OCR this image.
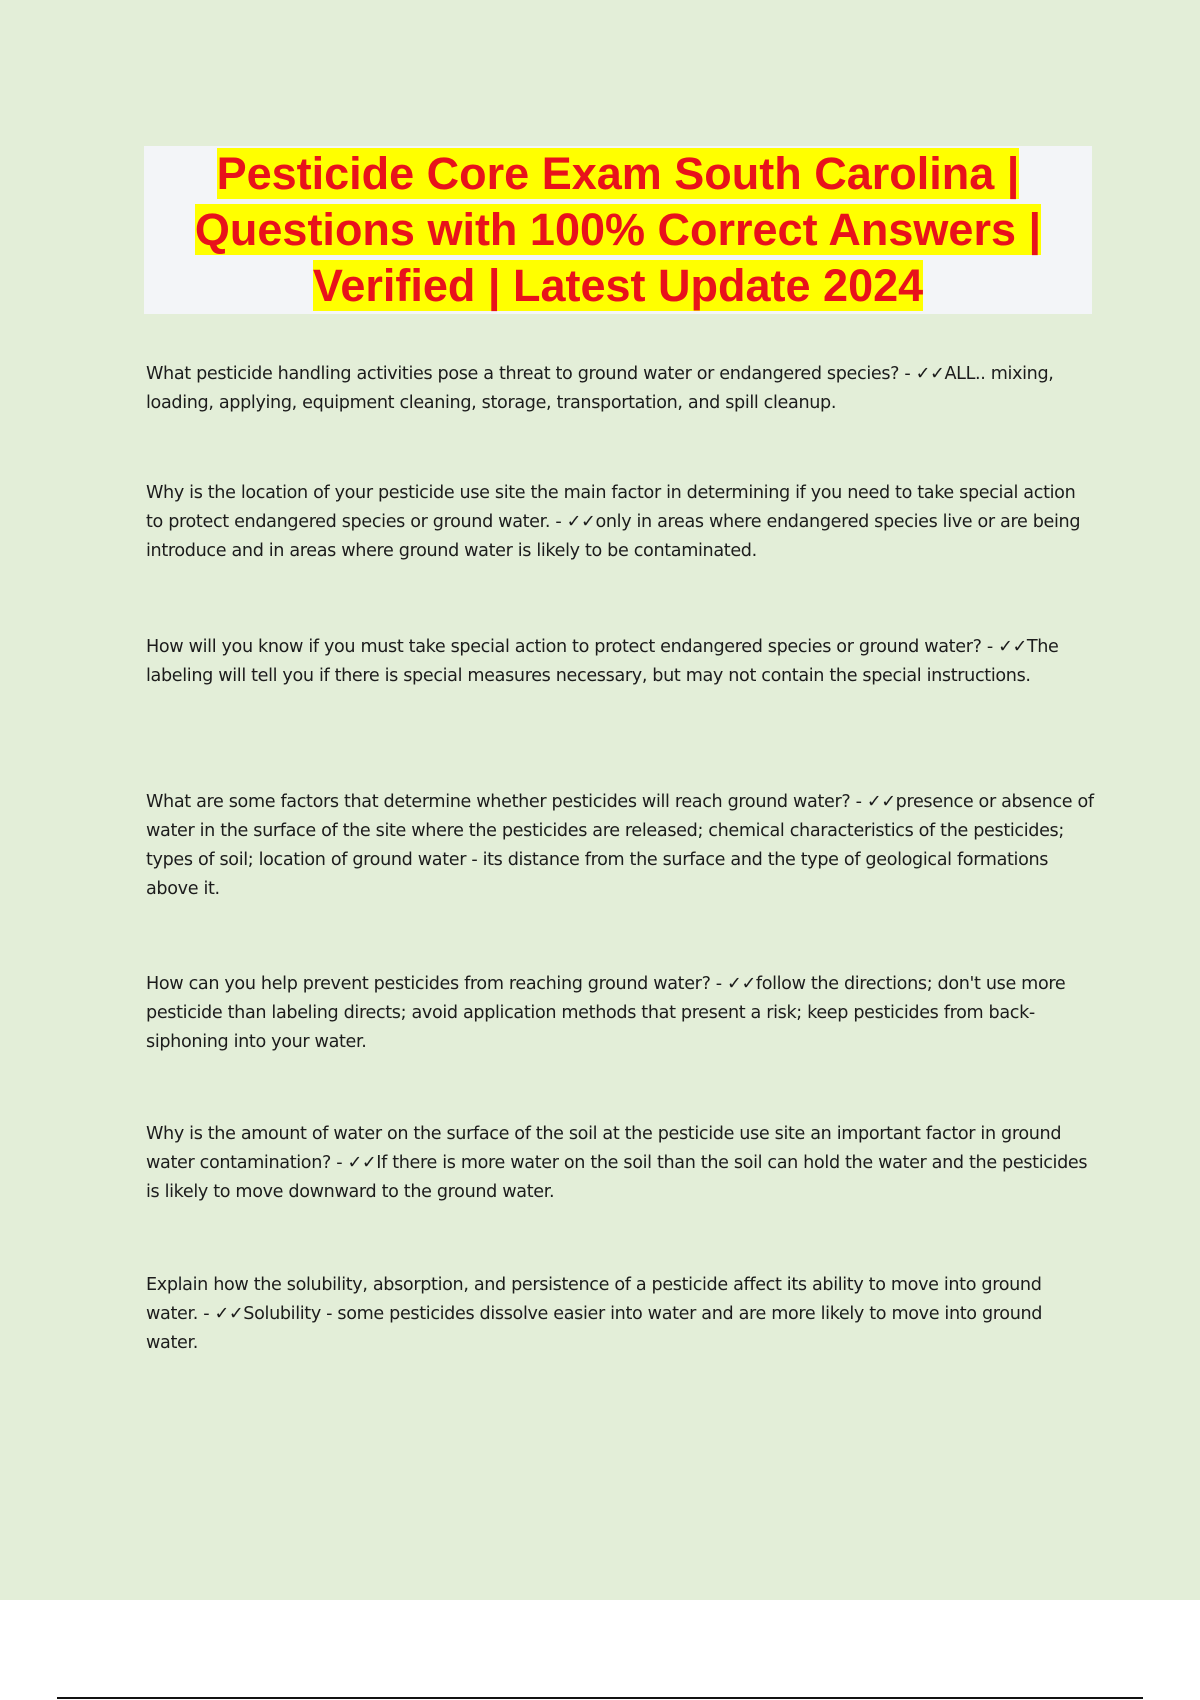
Pesticide Core Exam South Carolina | Questions with 100% Correct Answers | Verified | Latest Update 2024
What pesticide handling activities pose a threat to ground water or endangered species? - ✓✓ALL.. mixing, loading, applying, equipment cleaning, storage, transportation, and spill cleanup.
Why is the location of your pesticide use site the main factor in determining if you need to take special action to protect endangered species or ground water. - ✓✓only in areas where endangered species live or are being introduce and in areas where ground water is likely to be contaminated.
How will you know if you must take special action to protect endangered species or ground water? - ✓✓The labeling will tell you if there is special measures necessary, but may not contain the special instructions.
What are some factors that determine whether pesticides will reach ground water? - ✓✓presence or absence of water in the surface of the site where the pesticides are released; chemical characteristics of the pesticides; types of soil; location of ground water - its distance from the surface and the type of geological formations above it.
How can you help prevent pesticides from reaching ground water? - ✓✓follow the directions; don't use more pesticide than labeling directs; avoid application methods that present a risk; keep pesticides from back-siphoning into your water.
Why is the amount of water on the surface of the soil at the pesticide use site an important factor in ground water contamination? - ✓✓If there is more water on the soil than the soil can hold the water and the pesticides is likely to move downward to the ground water.
Explain how the solubility, absorption, and persistence of a pesticide affect its ability to move into ground water. - ✓✓Solubility - some pesticides dissolve easier into water and are more likely to move into ground water.
